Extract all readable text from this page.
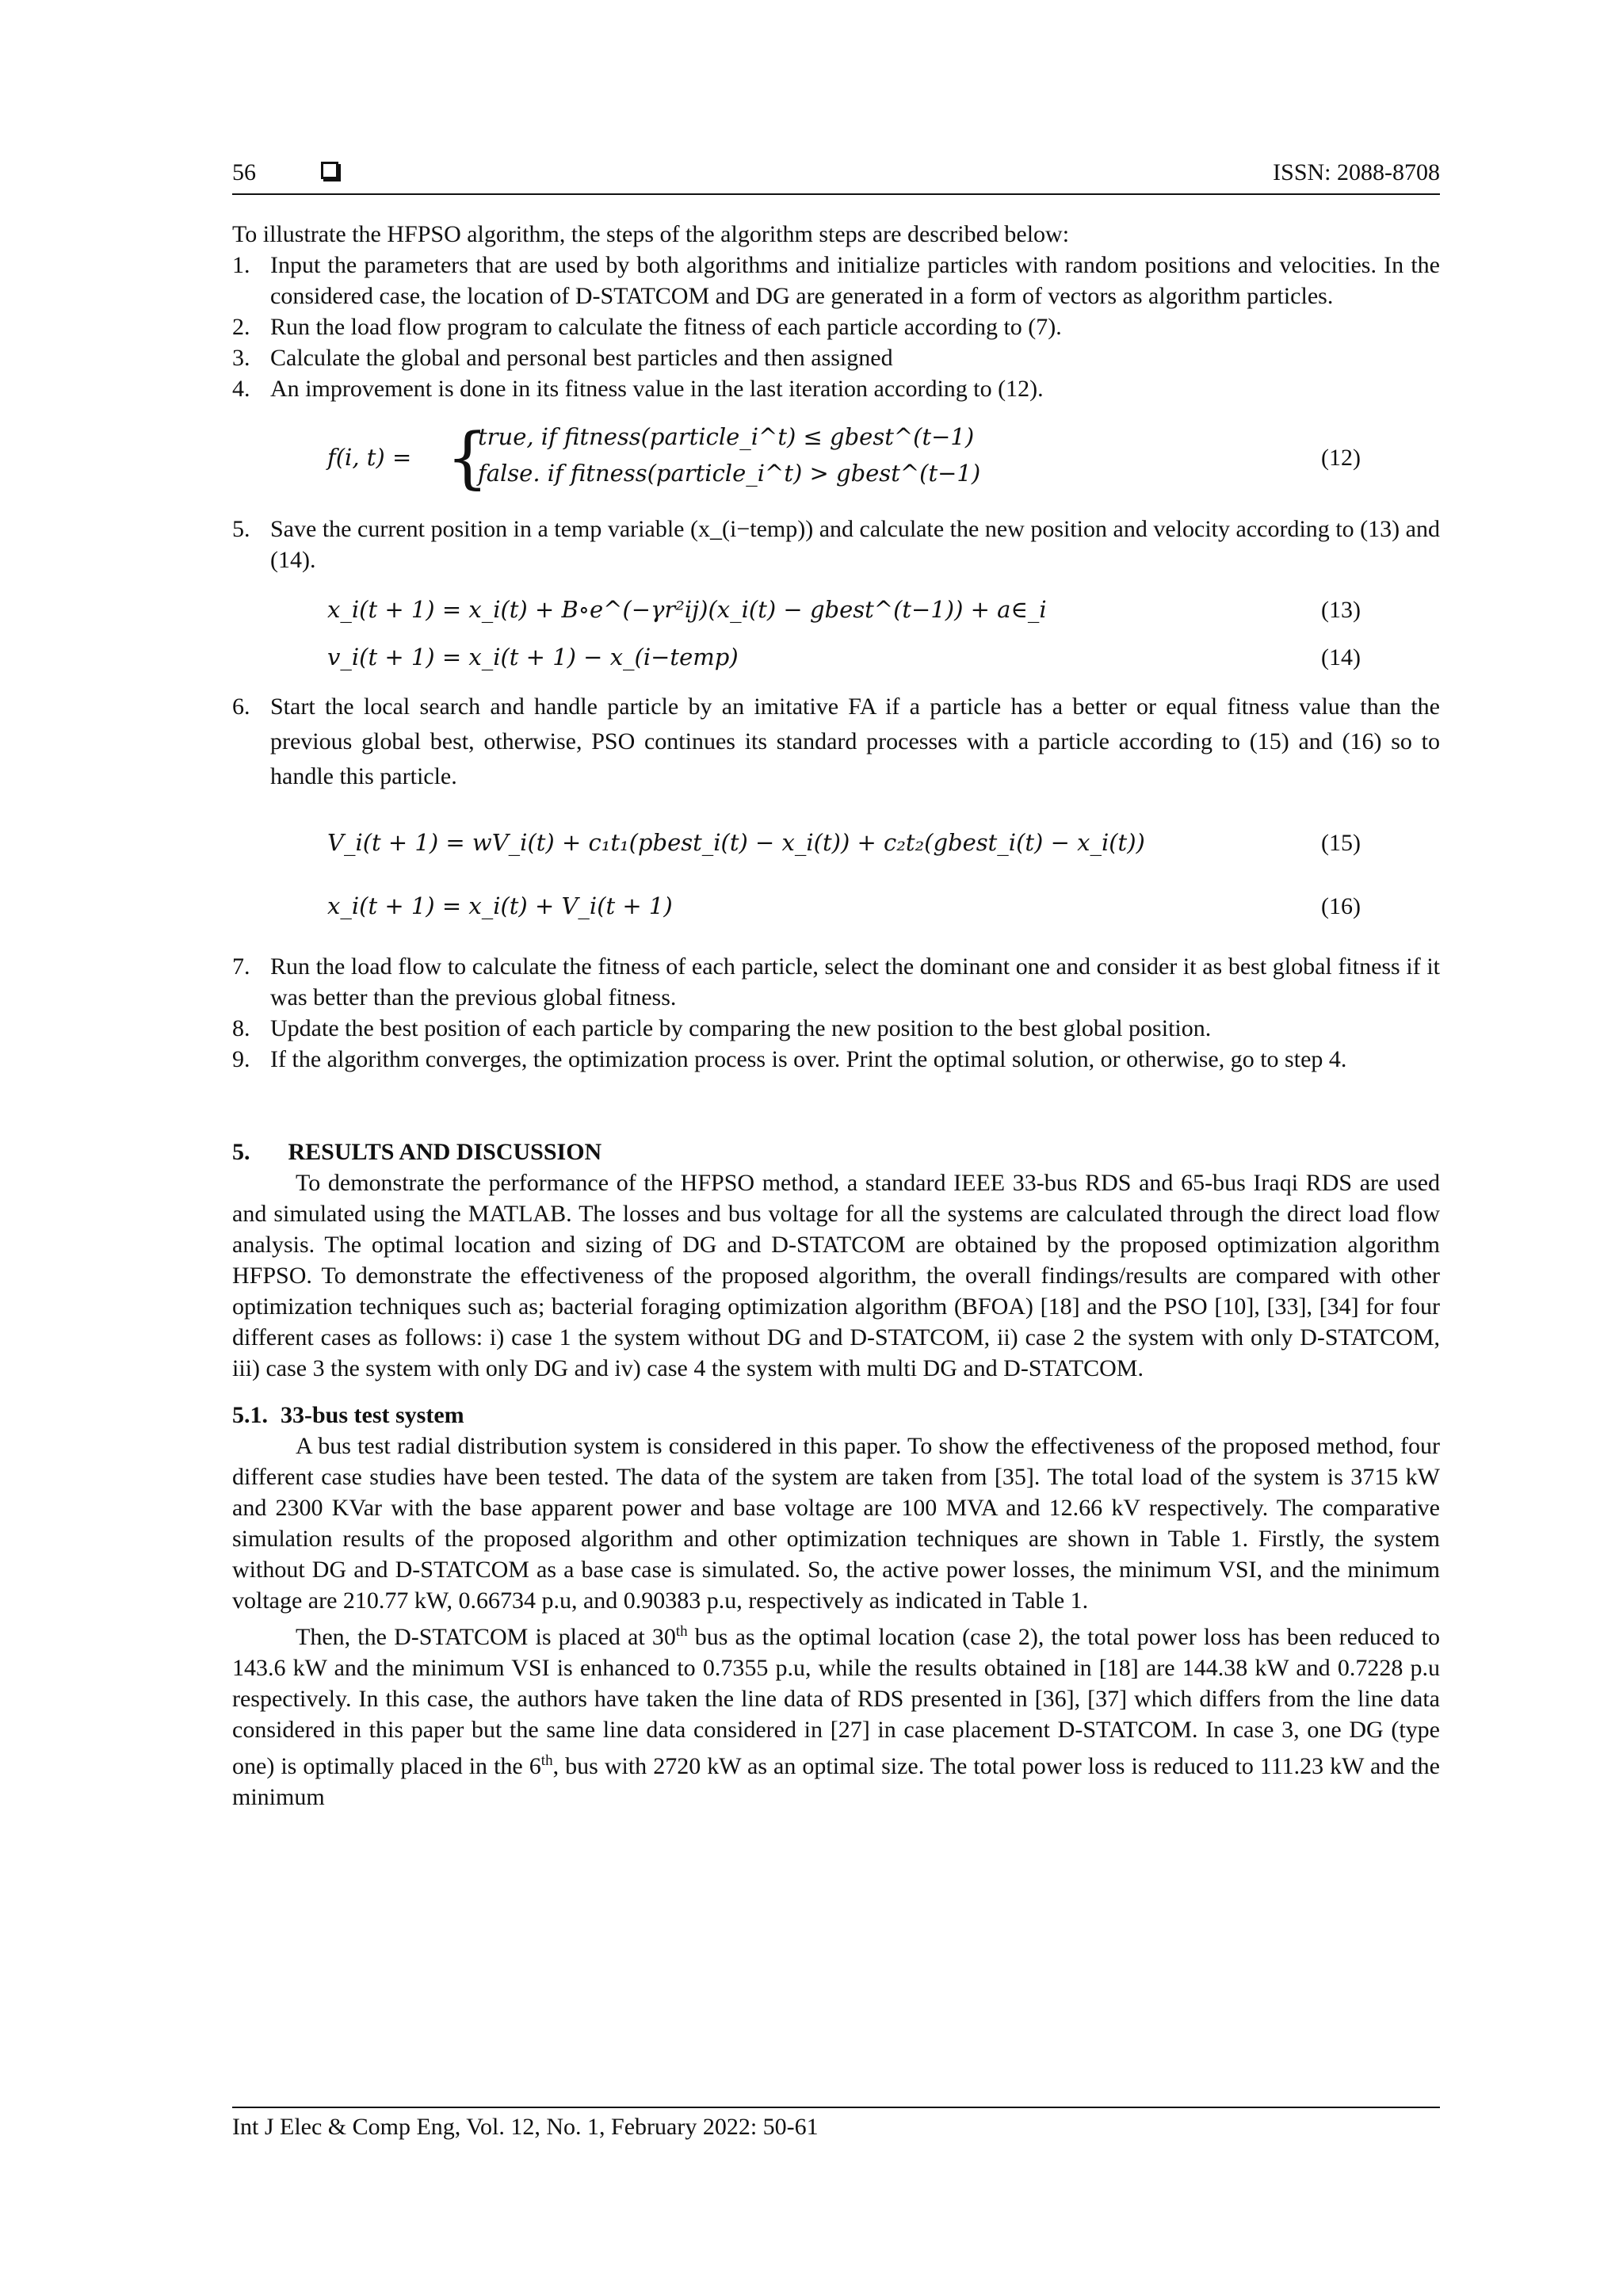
56	ISSN: 2088-8708

To illustrate the HFPSO algorithm, the steps of the algorithm steps are described below:

1. Input the parameters that are used by both algorithms and initialize particles with random positions and velocities. In the considered case, the location of D-STATCOM and DG are generated in a form of vectors as algorithm particles.
2. Run the load flow program to calculate the fitness of each particle according to (7).
3. Calculate the global and personal best particles and then assigned
4. An improvement is done in its fitness value in the last iteration according to (12).
f(i, t) = {
true, if fitness(particle_i^t) ≤ gbest^(t−1)
false. if fitness(particle_i^t) > gbest^(t−1)
(12)
5. Save the current position in a temp variable (x_(i−temp)) and calculate the new position and velocity according to (13) and (14).
x_i(t + 1) = x_i(t) + B∘e^(−γr²ij)(x_i(t) − gbest^(t−1)) + a∈_i	(13)
v_i(t + 1) = x_i(t + 1) − x_(i−temp)	(14)
6. Start the local search and handle particle by an imitative FA if a particle has a better or equal fitness value than the previous global best, otherwise, PSO continues its standard processes with a particle according to (15) and (16) so to handle this particle.
V_i(t + 1) = wV_i(t) + c₁t₁(pbest_i(t) − x_i(t)) + c₂t₂(gbest_i(t) − x_i(t))	(15)
x_i(t + 1) = x_i(t) + V_i(t + 1)	(16)
7. Run the load flow to calculate the fitness of each particle, select the dominant one and consider it as best global fitness if it was better than the previous global fitness.
8. Update the best position of each particle by comparing the new position to the best global position.
9. If the algorithm converges, the optimization process is over. Print the optimal solution, or otherwise, go to step 4.
5. RESULTS AND DISCUSSION

To demonstrate the performance of the HFPSO method, a standard IEEE 33-bus RDS and 65-bus Iraqi RDS are used and simulated using the MATLAB. The losses and bus voltage for all the systems are calculated through the direct load flow analysis. The optimal location and sizing of DG and D-STATCOM are obtained by the proposed optimization algorithm HFPSO. To demonstrate the effectiveness of the proposed algorithm, the overall findings/results are compared with other optimization techniques such as; bacterial foraging optimization algorithm (BFOA) [18] and the PSO [10], [33], [34] for four different cases as follows: i) case 1 the system without DG and D-STATCOM, ii) case 2 the system with only D-STATCOM, iii) case 3 the system with only DG and iv) case 4 the system with multi DG and D-STATCOM.

5.1. 33-bus test system

A bus test radial distribution system is considered in this paper. To show the effectiveness of the proposed method, four different case studies have been tested. The data of the system are taken from [35]. The total load of the system is 3715 kW and 2300 KVar with the base apparent power and base voltage are 100 MVA and 12.66 kV respectively. The comparative simulation results of the proposed algorithm and other optimization techniques are shown in Table 1. Firstly, the system without DG and D-STATCOM as a base case is simulated. So, the active power losses, the minimum VSI, and the minimum voltage are 210.77 kW, 0.66734 p.u, and 0.90383 p.u, respectively as indicated in Table 1.

Then, the D-STATCOM is placed at 30th bus as the optimal location (case 2), the total power loss has been reduced to 143.6 kW and the minimum VSI is enhanced to 0.7355 p.u, while the results obtained in [18] are 144.38 kW and 0.7228 p.u respectively. In this case, the authors have taken the line data of RDS presented in [36], [37] which differs from the line data considered in this paper but the same line data considered in [27] in case placement D-STATCOM. In case 3, one DG (type one) is optimally placed in the 6th, bus with 2720 kW as an optimal size. The total power loss is reduced to 111.23 kW and the minimum

Int J Elec & Comp Eng, Vol. 12, No. 1, February 2022: 50-61
